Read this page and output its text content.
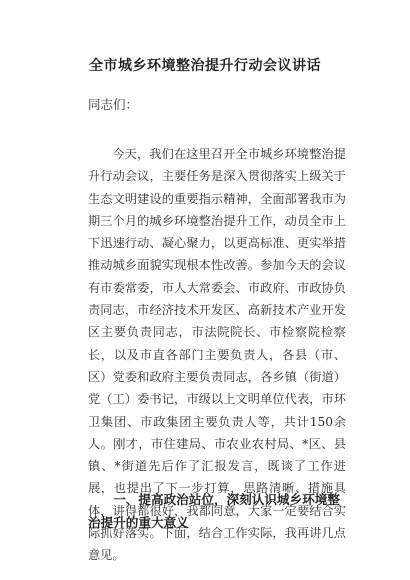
全市城乡环境整治提升行动会议讲话
同志们：
今天，我们在这里召开全市城乡环境整治提升行动会议，主要任务是深入贯彻落实上级关于生态文明建设的重要指示精神，全面部署我市为期三个月的城乡环境整治提升工作，动员全市上下迅速行动、凝心聚力，以更高标准、更实举措推动城乡面貌实现根本性改善。参加今天的会议有市委常委，市人大常委会、市政府、市政协负责同志，市经济技术开发区、高新技术产业开发区主要负责同志，市法院院长、市检察院检察长，以及市直各部门主要负责人，各县（市、区）党委和政府主要负责同志，各乡镇（街道）党（工）委书记，市级以上文明单位代表，市环卫集团、市政集团主要负责人等，共计150余人。刚才，市住建局、市农业农村局、*区、县镇、*街道先后作了汇报发言，既谈了工作进展，也提出了下一步打算，思路清晰、措施具体，讲得都很好，我都同意，大家一定要结合实际抓好落实。下面，结合工作实际，我再讲几点意见。
一、提高政治站位，深刻认识城乡环境整治提升的重大意义
